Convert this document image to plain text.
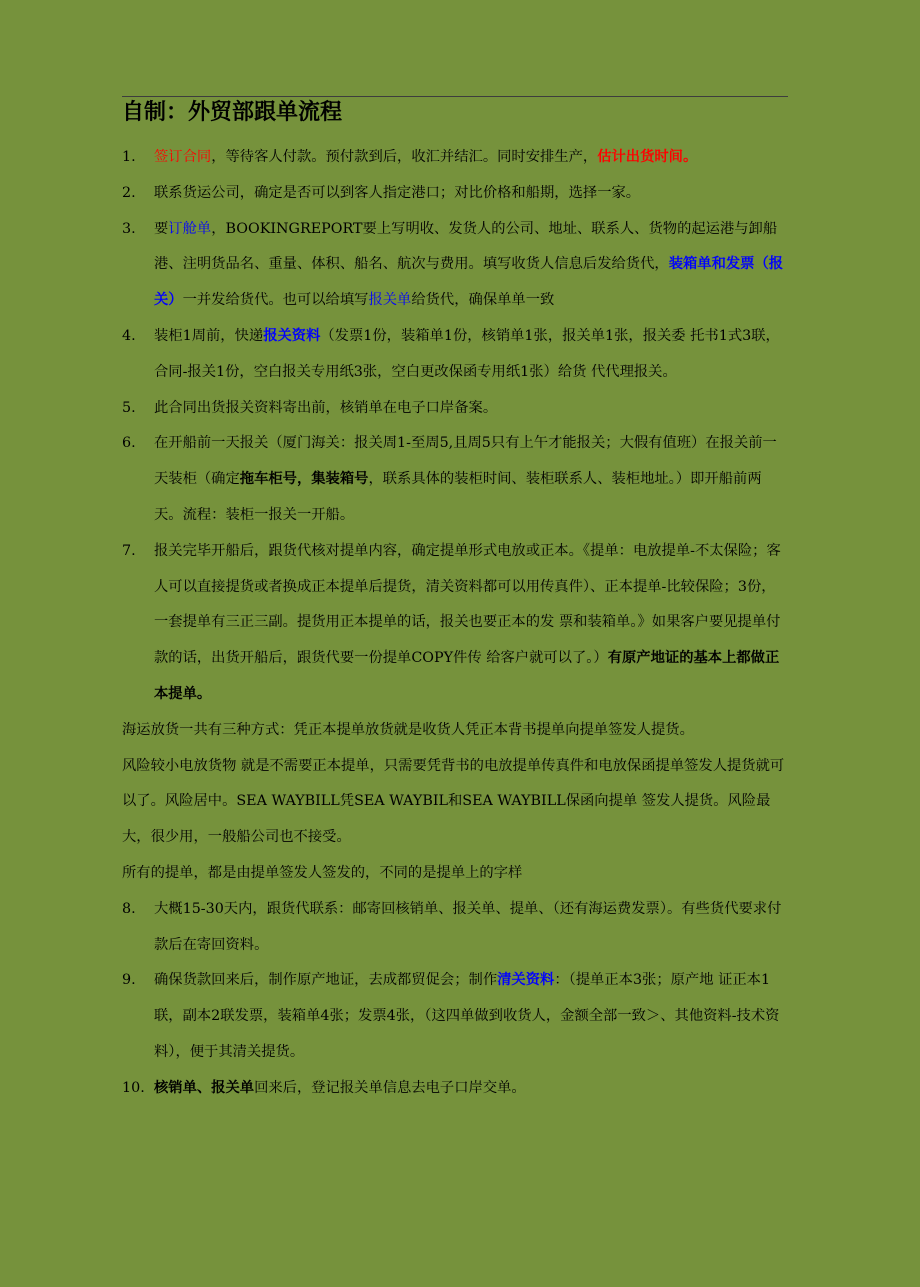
自制：外贸部跟单流程
1. 签订合同，等待客人付款。预付款到后，收汇并结汇。同时安排生产，估计出货时间。
2. 联系货运公司，确定是否可以到客人指定港口；对比价格和船期，选择一家。
3. 要订舱单，BOOKINGREPORT要上写明收、发货人的公司、地址、联系人、货物的起运港与卸船港、注明货品名、重量、体积、船名、航次与费用。填写收货人信息后发给货代，装箱单和发票（报关）一并发给货代。也可以给填写报关单给货代，确保单单一致
4. 装柜1周前，快递报关资料（发票1份，装箱单1份，核销单1张，报关单1张，报关委 托书1式3联，合同-报关1份，空白报关专用纸3张，空白更改保函专用纸1张）给货 代代理报关。
5. 此合同出货报关资料寄出前，核销单在电子口岸备案。
6. 在开船前一天报关（厦门海关：报关周1-至周5,且周5只有上午才能报关；大假有值班）在报关前一天装柜（确定拖车柜号，集装箱号，联系具体的装柜时间、装柜联系人、装柜地址。）即开船前两天。流程：装柜一报关一开船。
7. 报关完毕开船后，跟货代核对提单内容，确定提单形式电放或正本。《提单：电放提单-不太保险；客人可以直接提货或者换成正本提单后提货，清关资料都可以用传真件）、正本提单-比较保险；3份，一套提单有三正三副。提货用正本提单的话，报关也要正本的发 票和装箱单。》如果客户要见提单付款的话，出货开船后，跟货代要一份提单COPY件传 给客户就可以了。）有原产地证的基本上都做正本提单。

海运放货一共有三种方式：凭正本提单放货就是收货人凭正本背书提单向提单签发人提货。

风险较小电放货物 就是不需要正本提单，只需要凭背书的电放提单传真件和电放保函提单签发人提货就可以了。风险居中。SEA WAYBILL凭SEA WAYBIL和SEA WAYBILL保函向提单 签发人提货。风险最大，很少用，一般船公司也不接受。

所有的提单，都是由提单签发人签发的，不同的是提单上的字样

8. 大概15-30天内，跟货代联系：邮寄回核销单、报关单、提单、（还有海运费发票）。有些货代要求付款后在寄回资料。
9. 确保货款回来后，制作原产地证，去成都贸促会；制作清关资料：（提单正本3张；原产地 证正本1联，副本2联发票，装箱单4张；发票4张，（这四单做到收货人，金额全部一致＞、其他资料-技术资料），便于其清关提货。
10. 核销单、报关单回来后，登记报关单信息去电子口岸交单。
